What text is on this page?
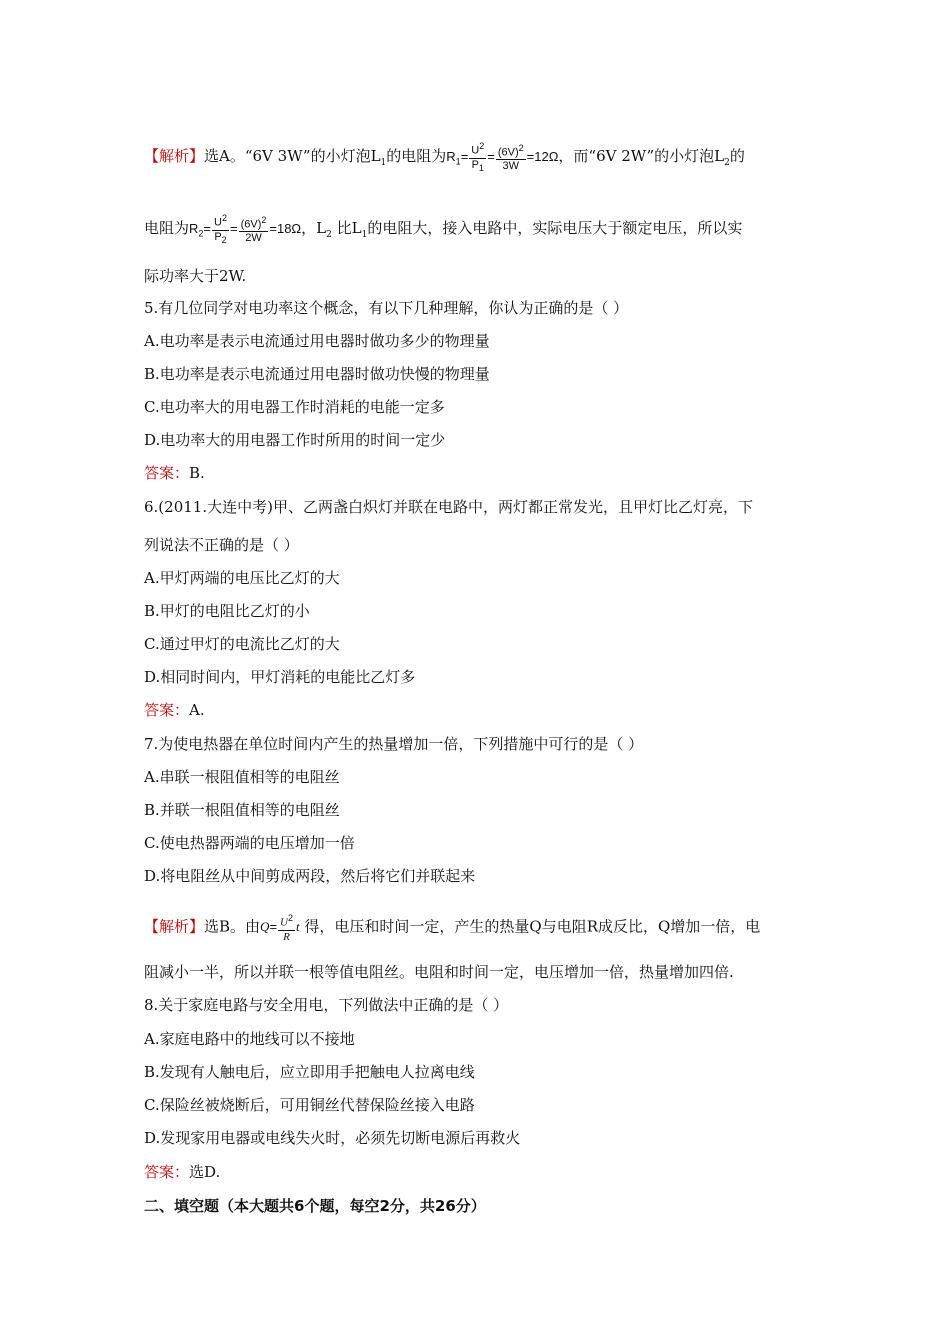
【解析】选A。“6V 3W”的小灯泡$L_1$的电阻为$R_1= \frac{U^2}{P_1} = \frac{(6V)^2}{3W} =12\Omega$，而“6V 2W”的小灯泡$L_2$的
电阻为$R_2= \frac{U^2}{P_2} = \frac{(6V)^2}{2W} =18\Omega$，$L_2$ 比$L_1$的电阻大，接入电路中，实际电压大于额定电压，所以实
际功率大于2W.
5.有几位同学对电功率这个概念，有以下几种理解，你认为正确的是（ ）
A.电功率是表示电流通过用电器时做功多少的物理量
B.电功率是表示电流通过用电器时做功快慢的物理量
C.电功率大的用电器工作时消耗的电能一定多
D.电功率大的用电器工作时所用的时间一定少
答案：B.
6.(2011.大连中考)甲、乙两盏白炽灯并联在电路中，两灯都正常发光，且甲灯比乙灯亮，下
列说法不正确的是（ ）
A.甲灯两端的电压比乙灯的大
B.甲灯的电阻比乙灯的小
C.通过甲灯的电流比乙灯的大
D.相同时间内，甲灯消耗的电能比乙灯多
答案：A.
7.为使电热器在单位时间内产生的热量增加一倍，下列措施中可行的是（ ）
A.串联一根阻值相等的电阻丝
B.并联一根阻值相等的电阻丝
C.使电热器两端的电压增加一倍
D.将电阻丝从中间剪成两段，然后将它们并联起来
【解析】选B。由$Q= \frac{U^2}{R}$ t 得，电压和时间一定，产生的热量Q与电阻R成反比，Q增加一倍，电
阻减小一半，所以并联一根等值电阻丝。电阻和时间一定，电压增加一倍，热量增加四倍.
8.关于家庭电路与安全用电，下列做法中正确的是（ ）
A.家庭电路中的地线可以不接地
B.发现有人触电后，应立即用手把触电人拉离电线
C.保险丝被烧断后，可用铜丝代替保险丝接入电路
D.发现家用电器或电线失火时，必须先切断电源后再救火
答案：选D.
二、填空题（本大题共6个题，每空2分，共26分）
